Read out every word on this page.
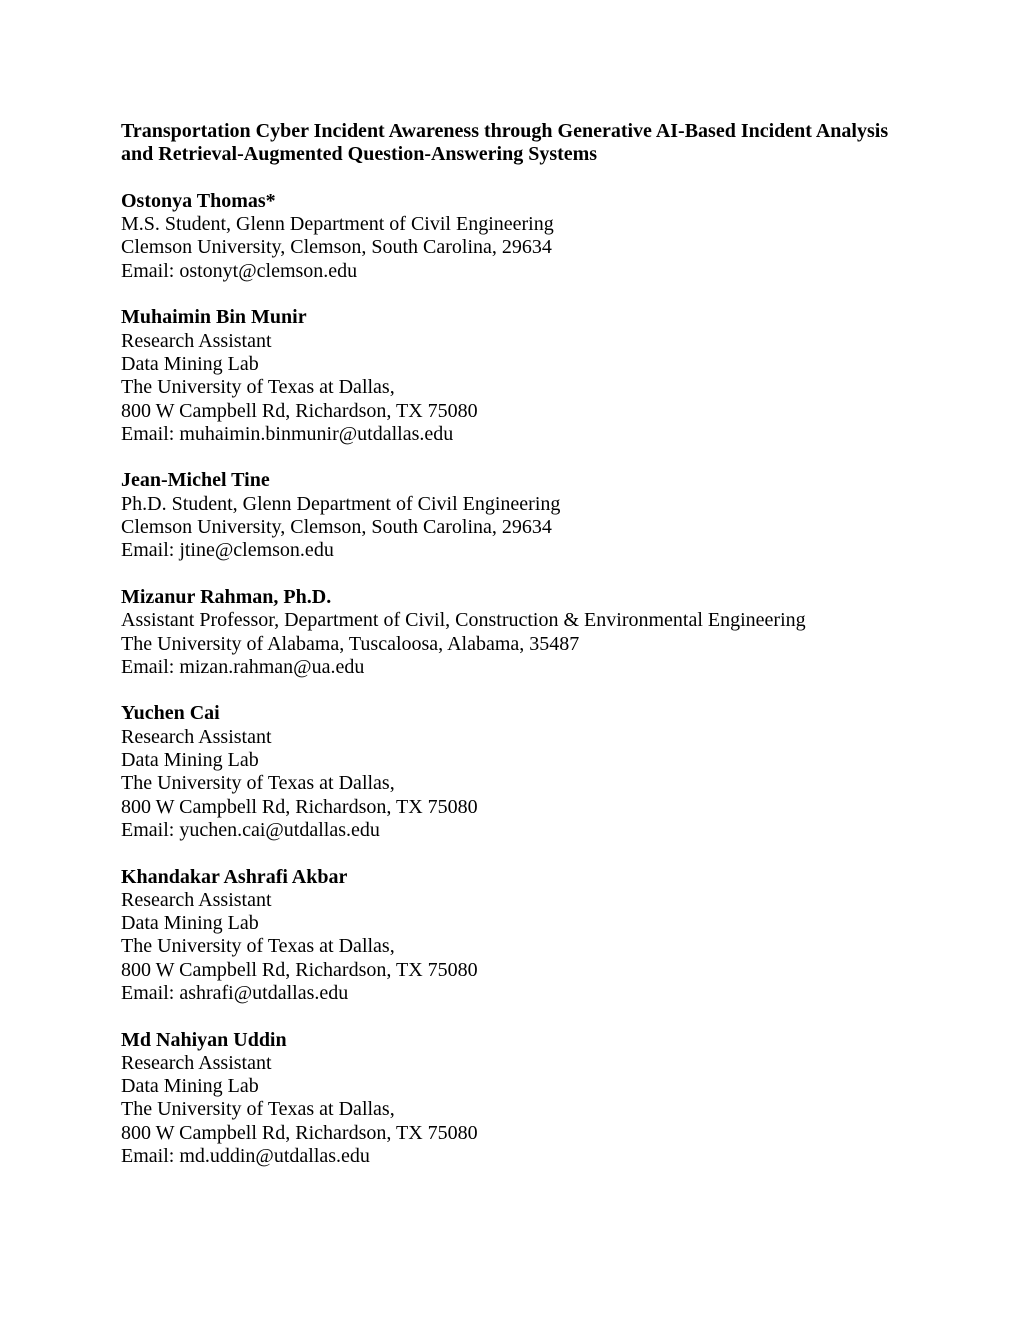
Transportation Cyber Incident Awareness through Generative AI-Based Incident Analysis
and Retrieval-Augmented Question-Answering Systems
Ostonya Thomas*
M.S. Student, Glenn Department of Civil Engineering
Clemson University, Clemson, South Carolina, 29634
Email: ostonyt@clemson.edu
Muhaimin Bin Munir
Research Assistant
Data Mining Lab
The University of Texas at Dallas,
800 W Campbell Rd, Richardson, TX 75080
Email: muhaimin.binmunir@utdallas.edu
Jean-Michel Tine
Ph.D. Student, Glenn Department of Civil Engineering
Clemson University, Clemson, South Carolina, 29634
Email: jtine@clemson.edu
Mizanur Rahman, Ph.D.
Assistant Professor, Department of Civil, Construction & Environmental Engineering
The University of Alabama, Tuscaloosa, Alabama, 35487
Email: mizan.rahman@ua.edu
Yuchen Cai
Research Assistant
Data Mining Lab
The University of Texas at Dallas,
800 W Campbell Rd, Richardson, TX 75080
Email: yuchen.cai@utdallas.edu
Khandakar Ashrafi Akbar
Research Assistant
Data Mining Lab
The University of Texas at Dallas,
800 W Campbell Rd, Richardson, TX 75080
Email: ashrafi@utdallas.edu
Md Nahiyan Uddin
Research Assistant
Data Mining Lab
The University of Texas at Dallas,
800 W Campbell Rd, Richardson, TX 75080
Email: md.uddin@utdallas.edu
